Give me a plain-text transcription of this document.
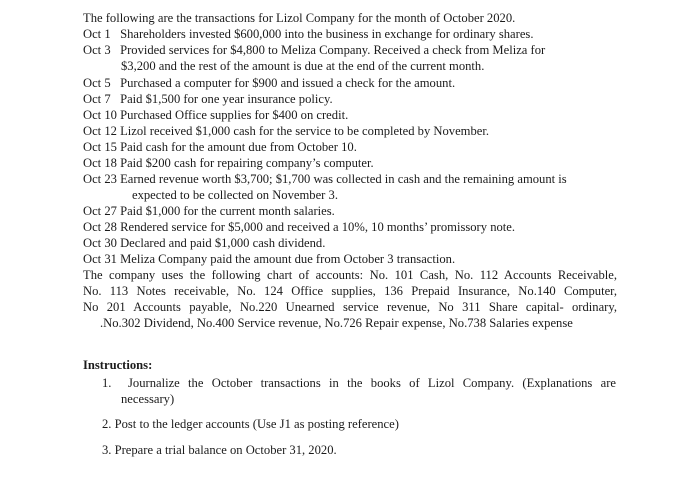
The following are the transactions for Lizol Company for the month of October 2020.
Oct 1   Shareholders invested $600,000 into the business in exchange for ordinary shares.
Oct 3   Provided services for $4,800 to Meliza Company. Received a check from Meliza for
$3,200 and the rest of the amount is due at the end of the current month.
Oct 5   Purchased a computer for $900 and issued a check for the amount.
Oct 7   Paid $1,500 for one year insurance policy.
Oct 10 Purchased Office supplies for $400 on credit.
Oct 12 Lizol received $1,000 cash for the service to be completed by November.
Oct 15 Paid cash for the amount due from October 10.
Oct 18 Paid $200 cash for repairing company’s computer.
Oct 23 Earned revenue worth $3,700; $1,700 was collected in cash and the remaining amount is
expected to be collected on November 3.
Oct 27 Paid $1,000 for the current month salaries.
Oct 28 Rendered service for $5,000 and received a 10%, 10 months’ promissory note.
Oct 30 Declared and paid $1,000 cash dividend.
Oct 31 Meliza Company paid the amount due from October 3 transaction.
The company uses the following chart of accounts: No. 101 Cash, No. 112 Accounts Receivable,
No. 113 Notes receivable, No. 124 Office supplies, 136 Prepaid Insurance, No.140 Computer,
No 201 Accounts payable, No.220 Unearned service revenue, No 311 Share capital- ordinary,
.No.302 Dividend, No.400 Service revenue, No.726 Repair expense, No.738 Salaries expense
Instructions:
1.  Journalize the October transactions in the books of Lizol Company. (Explanations are
necessary)
2. Post to the ledger accounts (Use J1 as posting reference)
3. Prepare a trial balance on October 31, 2020.
